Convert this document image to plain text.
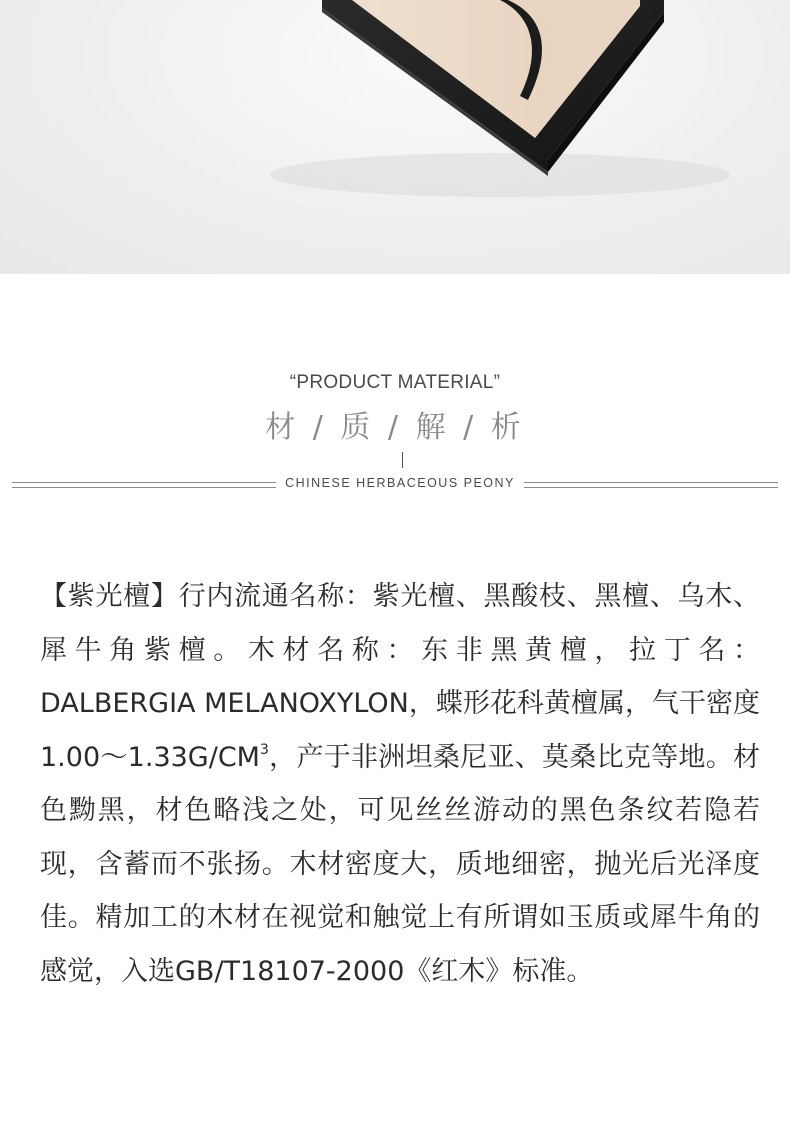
“PRODUCT MATERIAL”
材 / 质 / 解 / 析
CHINESE HERBACEOUS PEONY
【紫光檀】行内流通名称：紫光檀、黑酸枝、黑檀、乌木、犀牛角紫檀。木材名称：东非黑黄檀，拉丁名：DALBERGIA MELANOXYLON，蝶形花科黄檀属，气干密度$1.00\sim 1.33G/CM^3$，产于非洲坦桑尼亚、莫桑比克等地。材色黝黑，材色略浅之处，可见丝丝游动的黑色条纹若隐若现，含蓄而不张扬。木材密度大，质地细密，抛光后光泽度佳。精加工的木材在视觉和触觉上有所谓如玉质或犀牛角的感觉，入选GB/T18107-2000《红木》标准。
